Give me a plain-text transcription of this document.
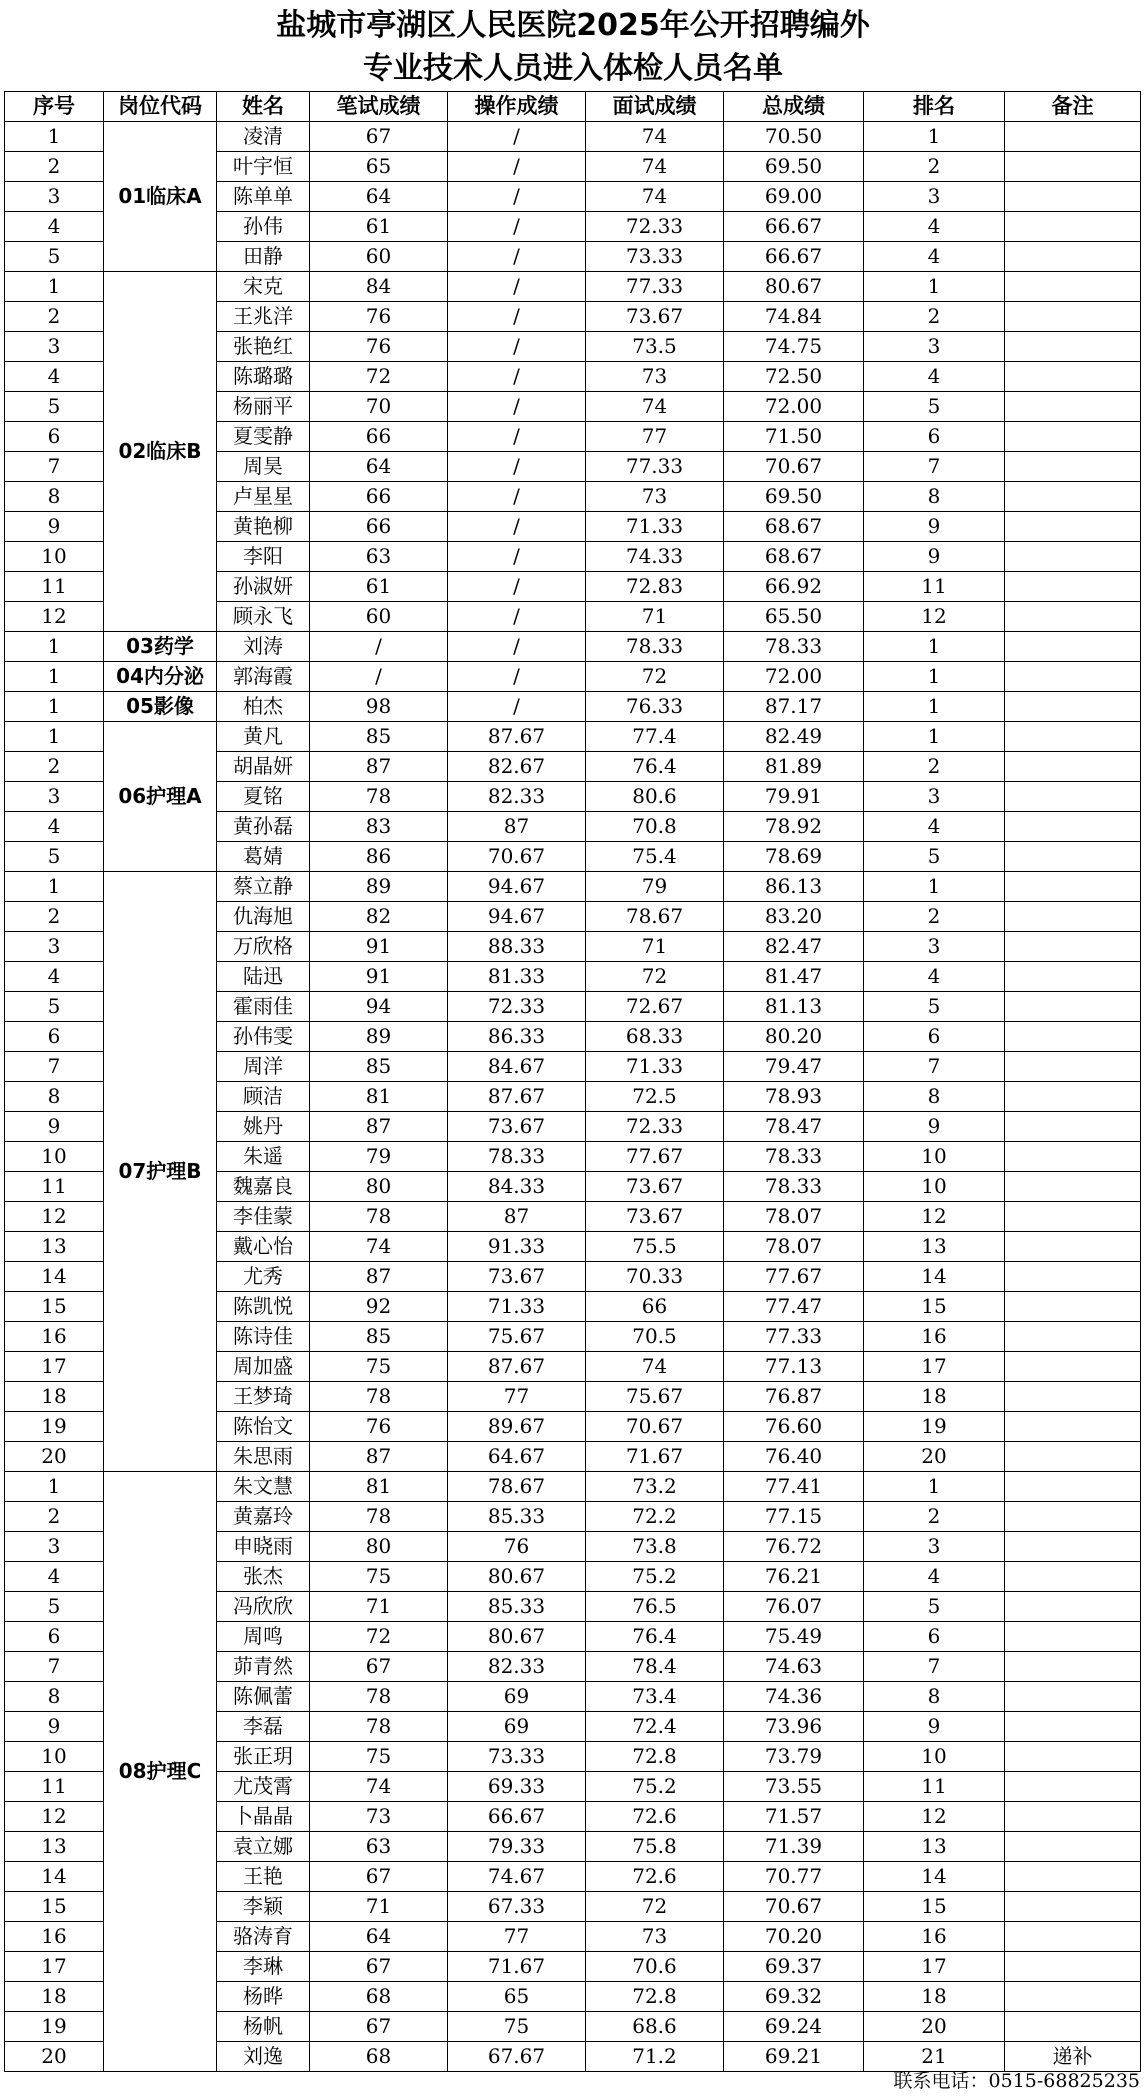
盐城市亭湖区人民医院2025年公开招聘编外
专业技术人员进入体检人员名单
序号	岗位代码	姓名	笔试成绩	操作成绩	面试成绩	总成绩	排名	备注
1	01临床A	凌清	67	/	74	70.50	1	
2		叶宇恒	65	/	74	69.50	2	
3		陈单单	64	/	74	69.00	3	
4		孙伟	61	/	72.33	66.67	4	
5		田静	60	/	73.33	66.67	4	
1	02临床B	宋克	84	/	77.33	80.67	1	
2		王兆洋	76	/	73.67	74.84	2	
3		张艳红	76	/	73.5	74.75	3	
4		陈璐璐	72	/	73	72.50	4	
5		杨丽平	70	/	74	72.00	5	
6		夏雯静	66	/	77	71.50	6	
7		周昊	64	/	77.33	70.67	7	
8		卢星星	66	/	73	69.50	8	
9		黄艳柳	66	/	71.33	68.67	9	
10		李阳	63	/	74.33	68.67	9	
11		孙淑妍	61	/	72.83	66.92	11	
12		顾永飞	60	/	71	65.50	12	
1	03药学	刘涛	/	/	78.33	78.33	1	
1	04内分泌	郭海霞	/	/	72	72.00	1	
1	05影像	柏杰	98	/	76.33	87.17	1	
1	06护理A	黄凡	85	87.67	77.4	82.49	1	
2		胡晶妍	87	82.67	76.4	81.89	2	
3		夏铭	78	82.33	80.6	79.91	3	
4		黄孙磊	83	87	70.8	78.92	4	
5		葛婧	86	70.67	75.4	78.69	5	
1	07护理B	蔡立静	89	94.67	79	86.13	1	
2		仇海旭	82	94.67	78.67	83.20	2	
3		万欣格	91	88.33	71	82.47	3	
4		陆迅	91	81.33	72	81.47	4	
5		霍雨佳	94	72.33	72.67	81.13	5	
6		孙伟雯	89	86.33	68.33	80.20	6	
7		周洋	85	84.67	71.33	79.47	7	
8		顾洁	81	87.67	72.5	78.93	8	
9		姚丹	87	73.67	72.33	78.47	9	
10		朱遥	79	78.33	77.67	78.33	10	
11		魏嘉良	80	84.33	73.67	78.33	10	
12		李佳蒙	78	87	73.67	78.07	12	
13		戴心怡	74	91.33	75.5	78.07	13	
14		尤秀	87	73.67	70.33	77.67	14	
15		陈凯悦	92	71.33	66	77.47	15	
16		陈诗佳	85	75.67	70.5	77.33	16	
17		周加盛	75	87.67	74	77.13	17	
18		王梦琦	78	77	75.67	76.87	18	
19		陈怡文	76	89.67	70.67	76.60	19	
20		朱思雨	87	64.67	71.67	76.40	20	
1	08护理C	朱文慧	81	78.67	73.2	77.41	1	
2		黄嘉玲	78	85.33	72.2	77.15	2	
3		申晓雨	80	76	73.8	76.72	3	
4		张杰	75	80.67	75.2	76.21	4	
5		冯欣欣	71	85.33	76.5	76.07	5	
6		周鸣	72	80.67	76.4	75.49	6	
7		茆青然	67	82.33	78.4	74.63	7	
8		陈佩蕾	78	69	73.4	74.36	8	
9		李磊	78	69	72.4	73.96	9	
10		张正玥	75	73.33	72.8	73.79	10	
11		尤茂霄	74	69.33	75.2	73.55	11	
12		卜晶晶	73	66.67	72.6	71.57	12	
13		袁立娜	63	79.33	75.8	71.39	13	
14		王艳	67	74.67	72.6	70.77	14	
15		李颖	71	67.33	72	70.67	15	
16		骆涛育	64	77	73	70.20	16	
17		李琳	67	71.67	70.6	69.37	17	
18		杨晔	68	65	72.8	69.32	18	
19		杨帆	67	75	68.6	69.24	20	
20		刘逸	68	67.67	71.2	69.21	21	递补
联系电话：0515-68825235
